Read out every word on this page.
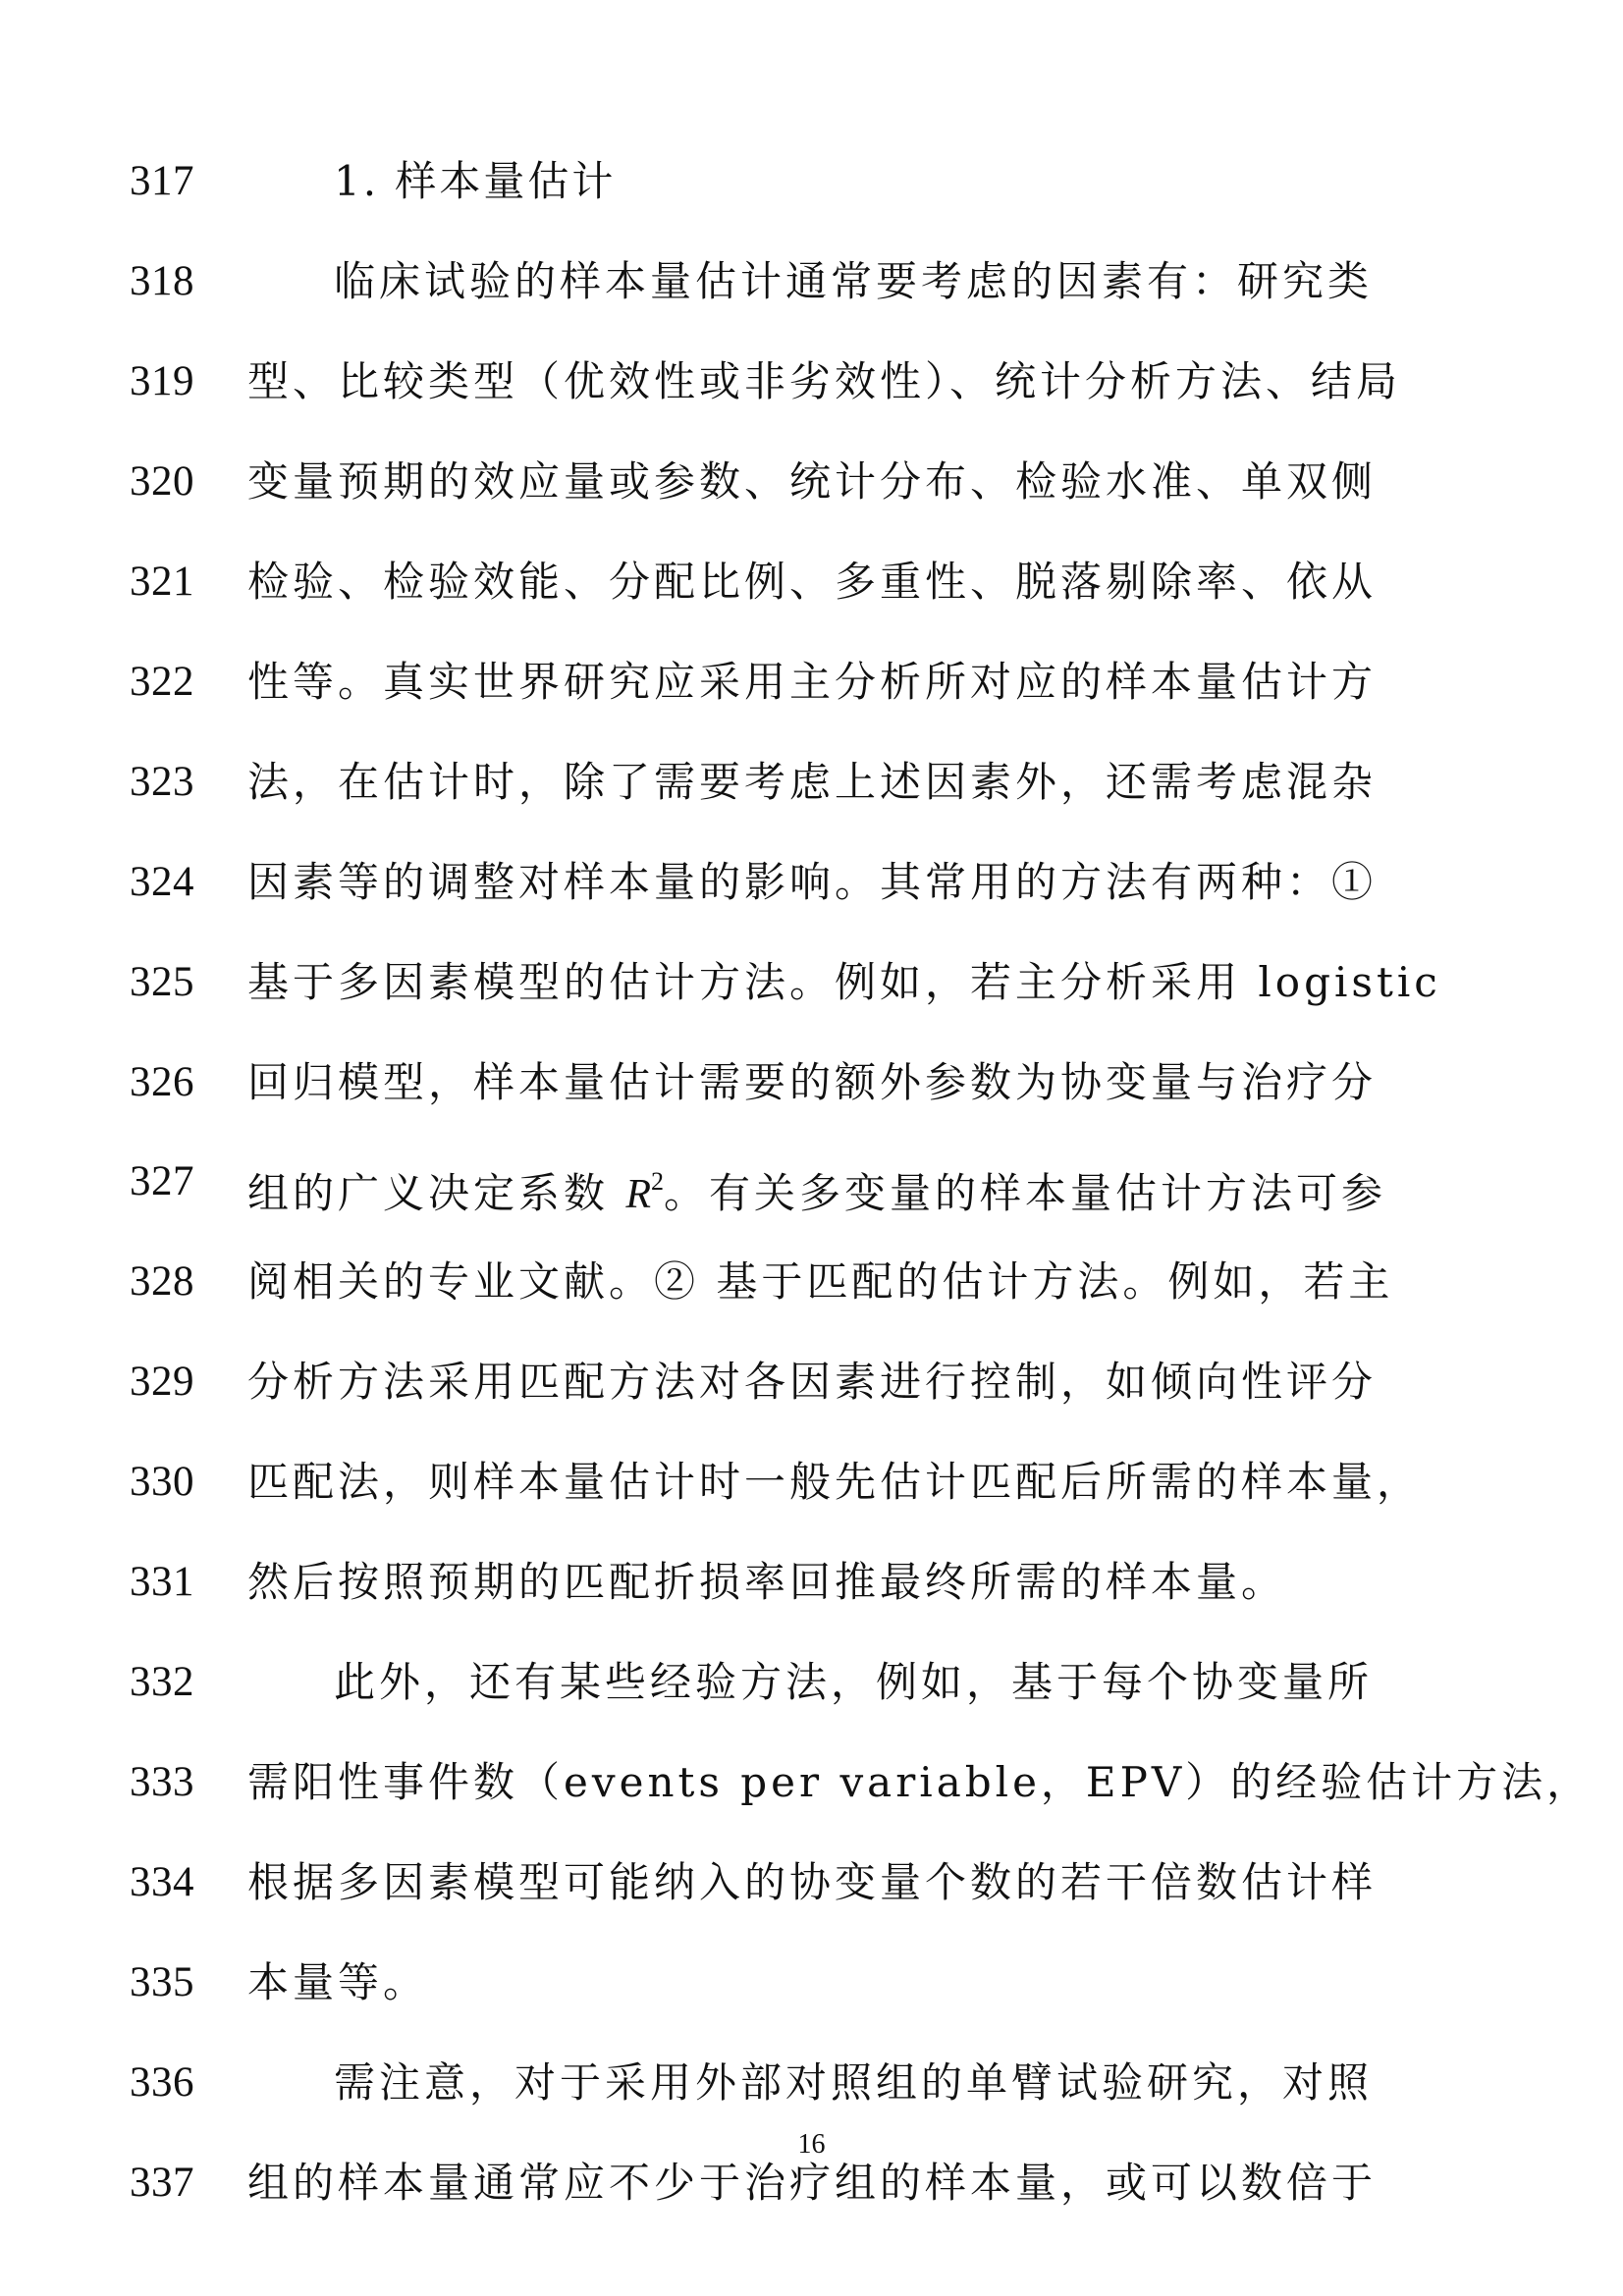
317	1. 样本量估计
318	临床试验的样本量估计通常要考虑的因素有：研究类
319	型、比较类型（优效性或非劣效性）、统计分析方法、结局
320	变量预期的效应量或参数、统计分布、检验水准、单双侧
321	检验、检验效能、分配比例、多重性、脱落剔除率、依从
322	性等。真实世界研究应采用主分析所对应的样本量估计方
323	法，在估计时，除了需要考虑上述因素外，还需考虑混杂
324	因素等的调整对样本量的影响。其常用的方法有两种：①
325	基于多因素模型的估计方法。例如，若主分析采用 logistic
326	回归模型，样本量估计需要的额外参数为协变量与治疗分
327	组的广义决定系数 $R^2$。有关多变量的样本量估计方法可参
328	阅相关的专业文献。② 基于匹配的估计方法。例如，若主
329	分析方法采用匹配方法对各因素进行控制，如倾向性评分
330	匹配法，则样本量估计时一般先估计匹配后所需的样本量，
331	然后按照预期的匹配折损率回推最终所需的样本量。
332	此外，还有某些经验方法，例如，基于每个协变量所
333	需阳性事件数（events per variable，EPV）的经验估计方法，
334	根据多因素模型可能纳入的协变量个数的若干倍数估计样
335	本量等。
336	需注意，对于采用外部对照组的单臂试验研究，对照
337	组的样本量通常应不少于治疗组的样本量，或可以数倍于
16
